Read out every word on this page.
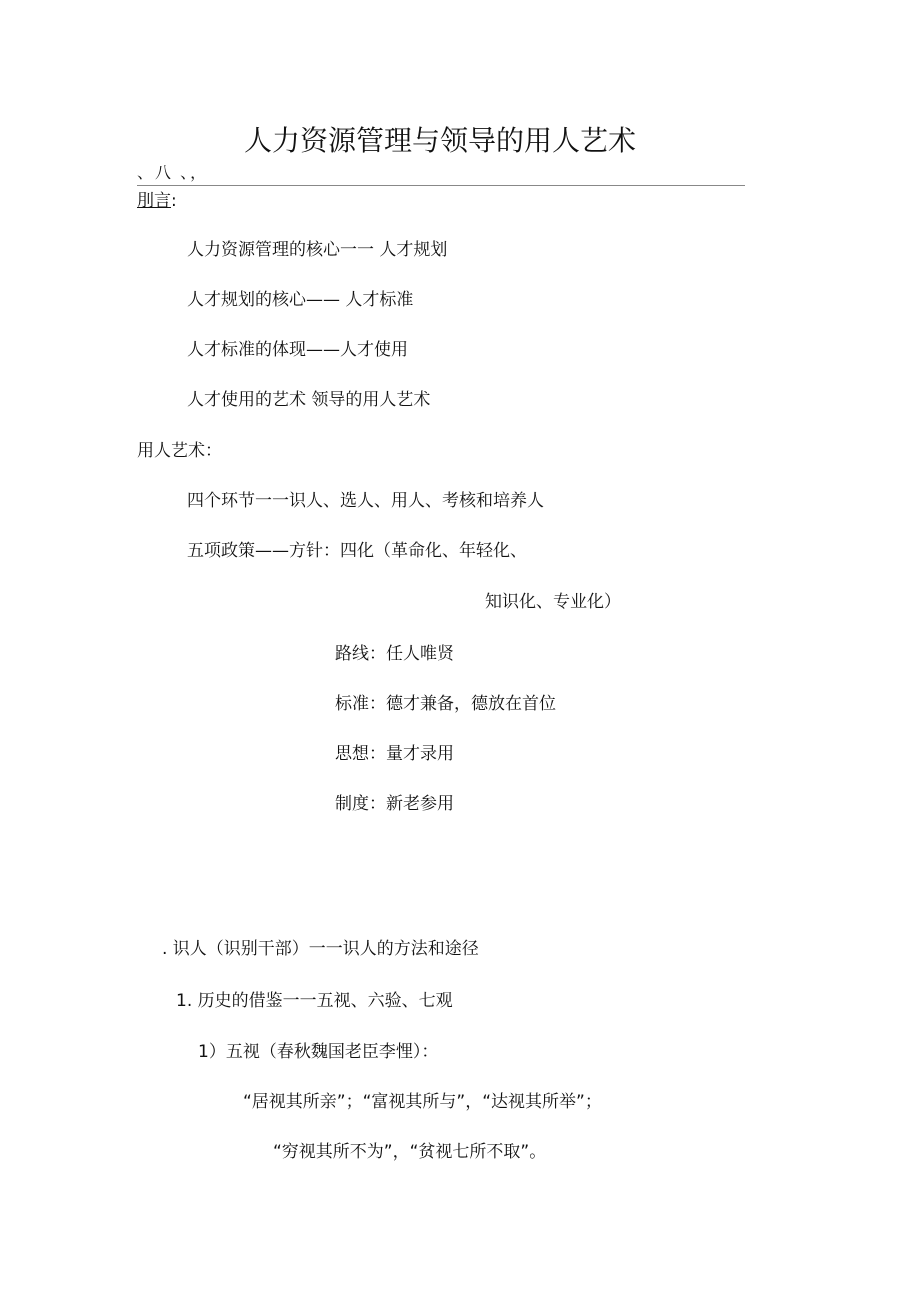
人力资源管理与领导的用人艺术
、八 、，
刖言:
人力资源管理的核心一一 人才规划
人才规划的核心—— 人才标准
人才标准的体现——人才使用
人才使用的艺术 领导的用人艺术
用人艺术：
四个环节一一识人、选人、用人、考核和培养人
五项政策——方针：四化（革命化、年轻化、
知识化、专业化）
路线：任人唯贤
标准：德才兼备，德放在首位
思想：量才录用
制度：新老参用
. 识人（识别干部）一一识人的方法和途径
1. 历史的借鉴一一五视、六验、七观
1）五视（春秋魏国老臣李悝）：
“居视其所亲”；“富视其所与”，“达视其所举”；
“穷视其所不为”，“贫视七所不取”。
